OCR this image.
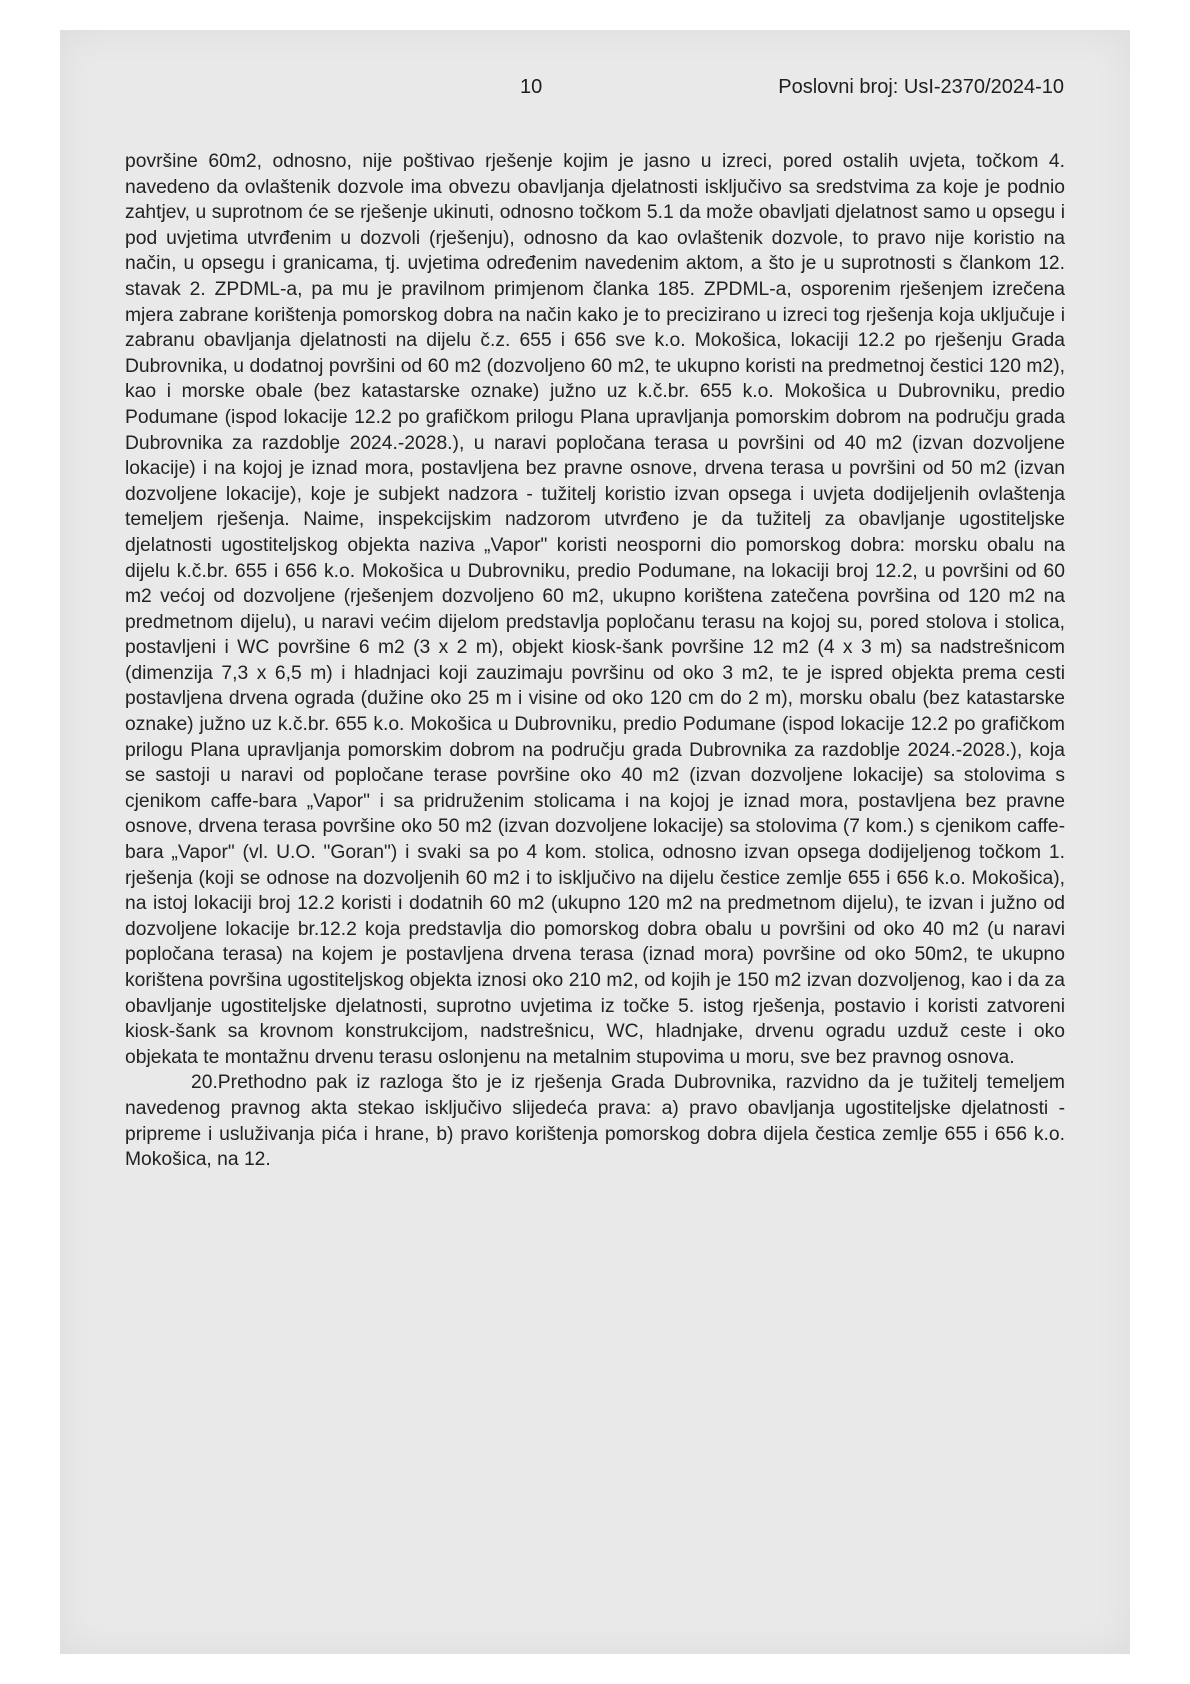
10	Poslovni broj: UsI-2370/2024-10

površine 60m2, odnosno, nije poštivao rješenje kojim je jasno u izreci, pored ostalih uvjeta, točkom 4. navedeno da ovlaštenik dozvole ima obvezu obavljanja djelatnosti isključivo sa sredstvima za koje je podnio zahtjev, u suprotnom će se rješenje ukinuti, odnosno točkom 5.1 da može obavljati djelatnost samo u opsegu i pod uvjetima utvrđenim u dozvoli (rješenju), odnosno da kao ovlaštenik dozvole, to pravo nije koristio na način, u opsegu i granicama, tj. uvjetima određenim navedenim aktom, a što je u suprotnosti s člankom 12. stavak 2. ZPDML-a, pa mu je pravilnom primjenom članka 185. ZPDML-a, osporenim rješenjem izrečena mjera zabrane korištenja pomorskog dobra na način kako je to precizirano u izreci tog rješenja koja uključuje i zabranu obavljanja djelatnosti na dijelu č.z. 655 i 656 sve k.o. Mokošica, lokaciji 12.2 po rješenju Grada Dubrovnika, u dodatnoj površini od 60 m2 (dozvoljeno 60 m2, te ukupno koristi na predmetnoj čestici 120 m2), kao i morske obale (bez katastarske oznake) južno uz k.č.br. 655 k.o. Mokošica u Dubrovniku, predio Podumane (ispod lokacije 12.2 po grafičkom prilogu Plana upravljanja pomorskim dobrom na području grada Dubrovnika za razdoblje 2024.-2028.), u naravi popločana terasa u površini od 40 m2 (izvan dozvoljene lokacije) i na kojoj je iznad mora, postavljena bez pravne osnove, drvena terasa u površini od 50 m2 (izvan dozvoljene lokacije), koje je subjekt nadzora - tužitelj koristio izvan opsega i uvjeta dodijeljenih ovlaštenja temeljem rješenja. Naime, inspekcijskim nadzorom utvrđeno je da tužitelj za obavljanje ugostiteljske djelatnosti ugostiteljskog objekta naziva „Vapor" koristi neosporni dio pomorskog dobra: morsku obalu na dijelu k.č.br. 655 i 656 k.o. Mokošica u Dubrovniku, predio Podumane, na lokaciji broj 12.2, u površini od 60 m2 većoj od dozvoljene (rješenjem dozvoljeno 60 m2, ukupno korištena zatečena površina od 120 m2 na predmetnom dijelu), u naravi većim dijelom predstavlja popločanu terasu na kojoj su, pored stolova i stolica, postavljeni i WC površine 6 m2 (3 x 2 m), objekt kiosk-šank površine 12 m2 (4 x 3 m) sa nadstrešnicom (dimenzija 7,3 x 6,5 m) i hladnjaci koji zauzimaju površinu od oko 3 m2, te je ispred objekta prema cesti postavljena drvena ograda (dužine oko 25 m i visine od oko 120 cm do 2 m), morsku obalu (bez katastarske oznake) južno uz k.č.br. 655 k.o. Mokošica u Dubrovniku, predio Podumane (ispod lokacije 12.2 po grafičkom prilogu Plana upravljanja pomorskim dobrom na području grada Dubrovnika za razdoblje 2024.-2028.), koja se sastoji u naravi od popločane terase površine oko 40 m2 (izvan dozvoljene lokacije) sa stolovima s cjenikom caffe-bara „Vapor" i sa pridruženim stolicama i na kojoj je iznad mora, postavljena bez pravne osnove, drvena terasa površine oko 50 m2 (izvan dozvoljene lokacije) sa stolovima (7 kom.) s cjenikom caffe-bara „Vapor" (vl. U.O. "Goran") i svaki sa po 4 kom. stolica, odnosno izvan opsega dodijeljenog točkom 1. rješenja (koji se odnose na dozvoljenih 60 m2 i to isključivo na dijelu čestice zemlje 655 i 656 k.o. Mokošica), na istoj lokaciji broj 12.2 koristi i dodatnih 60 m2 (ukupno 120 m2 na predmetnom dijelu), te izvan i južno od dozvoljene lokacije br.12.2 koja predstavlja dio pomorskog dobra obalu u površini od oko 40 m2 (u naravi popločana terasa) na kojem je postavljena drvena terasa (iznad mora) površine od oko 50m2, te ukupno korištena površina ugostiteljskog objekta iznosi oko 210 m2, od kojih je 150 m2 izvan dozvoljenog, kao i da za obavljanje ugostiteljske djelatnosti, suprotno uvjetima iz točke 5. istog rješenja, postavio i koristi zatvoreni kiosk-šank sa krovnom konstrukcijom, nadstrešnicu, WC, hladnjake, drvenu ogradu uzduž ceste i oko objekata te montažnu drvenu terasu oslonjenu na metalnim stupovima u moru, sve bez pravnog osnova.

20.Prethodno pak iz razloga što je iz rješenja Grada Dubrovnika, razvidno da je tužitelj temeljem navedenog pravnog akta stekao isključivo slijedeća prava: a) pravo obavljanja ugostiteljske djelatnosti - pripreme i usluživanja pića i hrane, b) pravo korištenja pomorskog dobra dijela čestica zemlje 655 i 656 k.o. Mokošica, na 12.
